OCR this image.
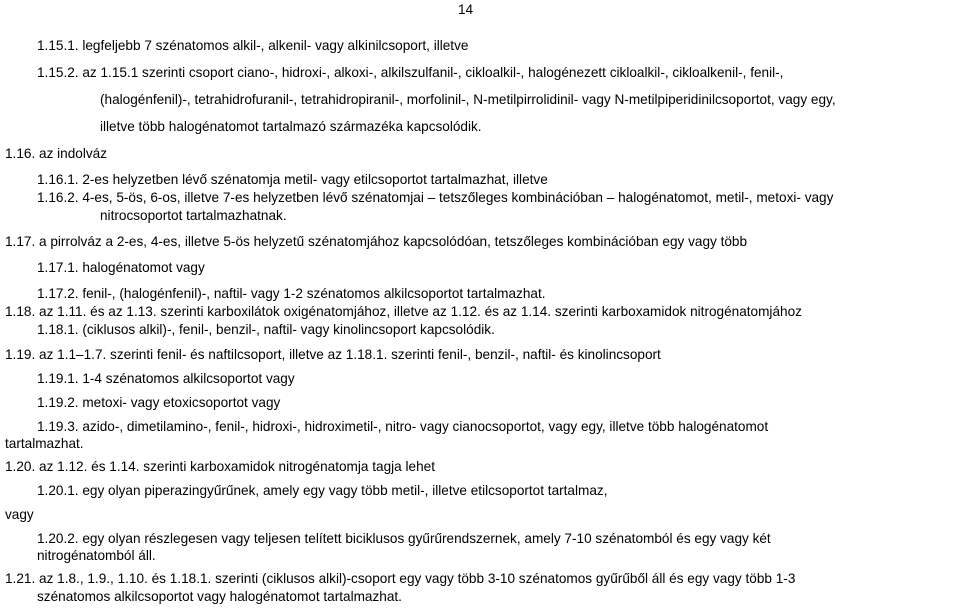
14
1.15.1. legfeljebb 7 szénatomos alkil-, alkenil- vagy alkinilcsoport, illetve
1.15.2. az 1.15.1 szerinti csoport ciano-, hidroxi-, alkoxi-, alkilszulfanil-, cikloalkil-, halogénezett cikloalkil-, cikloalkenil-, fenil-,
(halogénfenil)-, tetrahidrofuranil-, tetrahidropiranil-, morfolinil-, N-metilpirrolidinil- vagy N-metilpiperidinilcsoportot, vagy egy,
illetve több halogénatomot tartalmazó származéka kapcsolódik.
1.16. az indolváz
1.16.1. 2-es helyzetben lévő szénatomja metil- vagy etilcsoportot tartalmazhat, illetve
1.16.2. 4-es, 5-ös, 6-os, illetve 7-es helyzetben lévő szénatomjai – tetszőleges kombinációban – halogénatomot, metil-, metoxi- vagy
nitrocsoportot tartalmazhatnak.
1.17. a pirrolváz a 2-es, 4-es, illetve 5-ös helyzetű szénatomjához kapcsolódóan, tetszőleges kombinációban egy vagy több
1.17.1. halogénatomot vagy
1.17.2. fenil-, (halogénfenil)-, naftil- vagy 1-2 szénatomos alkilcsoportot tartalmazhat.
1.18. az 1.11. és az 1.13. szerinti karboxilátok oxigénatomjához, illetve az 1.12. és az 1.14. szerinti karboxamidok nitrogénatomjához
1.18.1. (ciklusos alkil)-, fenil-, benzil-, naftil- vagy kinolincsoport kapcsolódik.
1.19. az 1.1–1.7. szerinti fenil- és naftilcsoport, illetve az 1.18.1. szerinti fenil-, benzil-, naftil- és kinolincsoport
1.19.1. 1-4 szénatomos alkilcsoportot vagy
1.19.2. metoxi- vagy etoxicsoportot vagy
1.19.3. azido-, dimetilamino-, fenil-, hidroxi-, hidroximetil-, nitro- vagy cianocsoportot, vagy egy, illetve több halogénatomot
tartalmazhat.
1.20. az 1.12. és 1.14. szerinti karboxamidok nitrogénatomja tagja lehet
1.20.1. egy olyan piperazingyűrűnek, amely egy vagy több metil-, illetve etilcsoportot tartalmaz,
vagy
1.20.2. egy olyan részlegesen vagy teljesen telített biciklusos gyűrűrendszernek, amely 7-10 szénatomból és egy vagy két
nitrogénatomból áll.
1.21. az 1.8., 1.9., 1.10. és 1.18.1. szerinti (ciklusos alkil)-csoport egy vagy több 3-10 szénatomos gyűrűből áll és egy vagy több 1-3
szénatomos alkilcsoportot vagy halogénatomot tartalmazhat.
